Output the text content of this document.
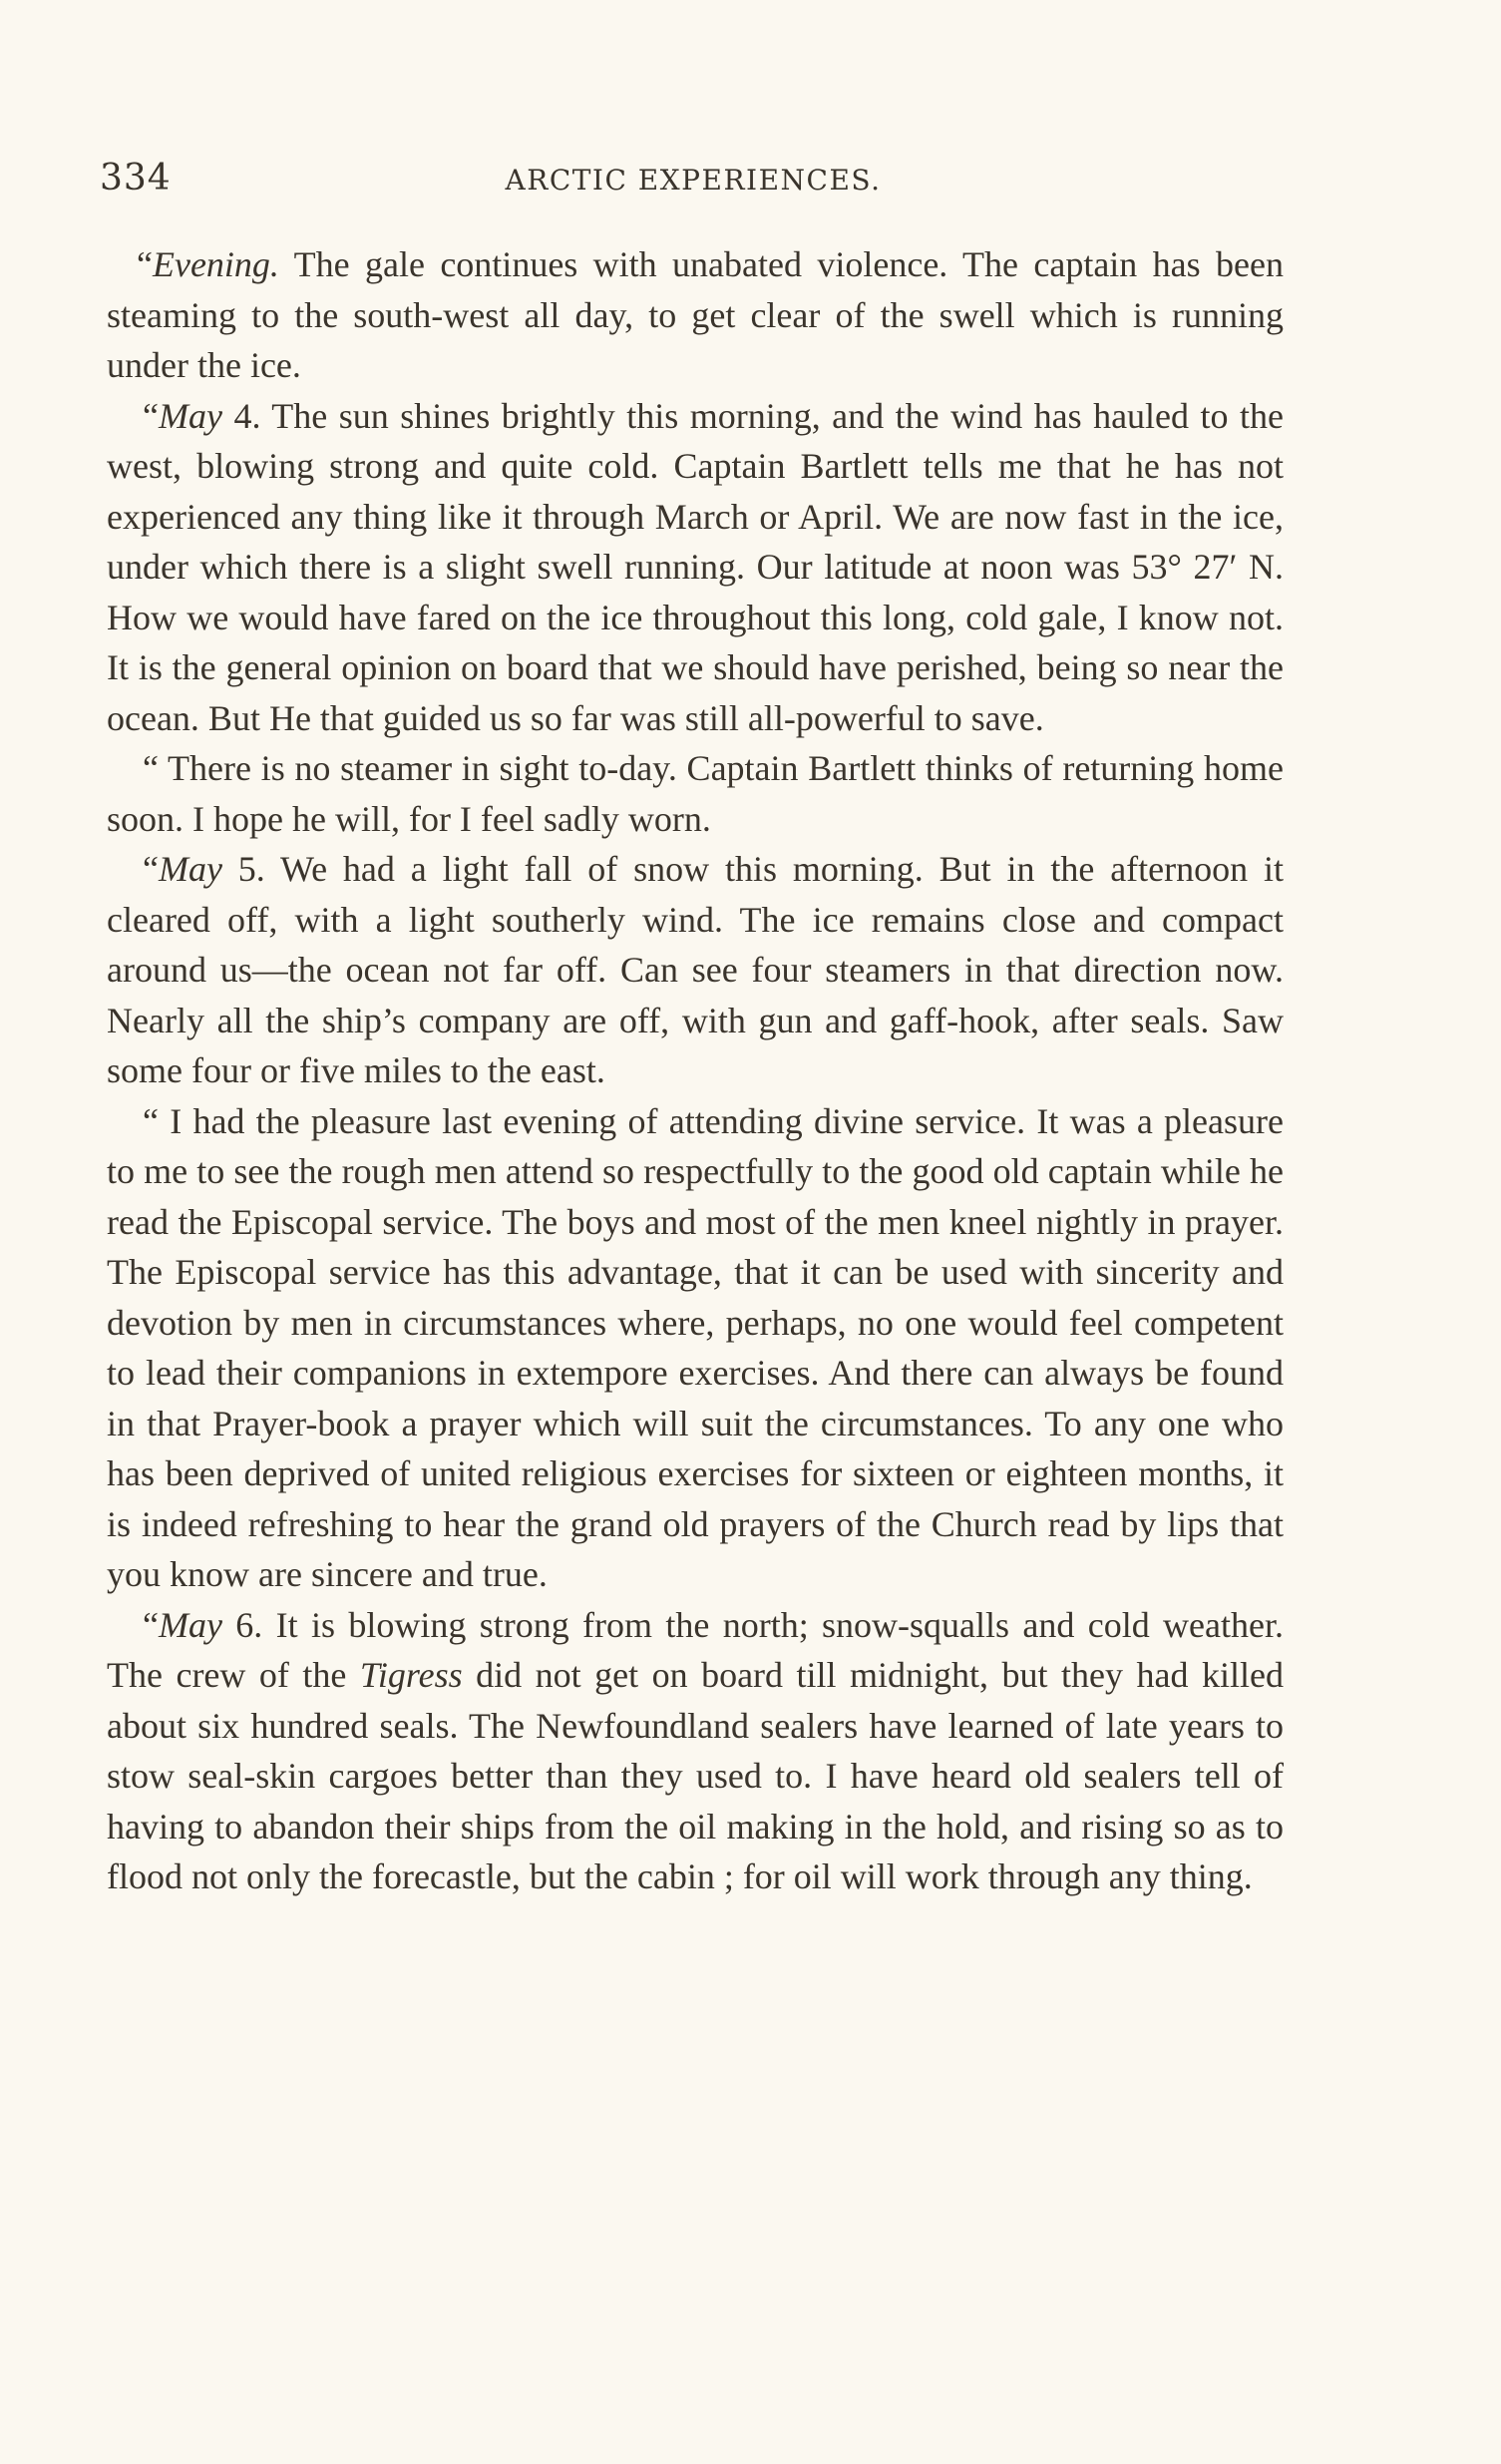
334	ARCTIC EXPERIENCES.

“Evening. The gale continues with unabated violence. The captain has been steaming to the south-west all day, to get clear of the swell which is running under the ice.

“May 4. The sun shines brightly this morning, and the wind has hauled to the west, blowing strong and quite cold. Captain Bartlett tells me that he has not experienced any thing like it through March or April. We are now fast in the ice, under which there is a slight swell running. Our latitude at noon was 53° 27′ N. How we would have fared on the ice throughout this long, cold gale, I know not. It is the general opinion on board that we should have perished, being so near the ocean. But He that guided us so far was still all-powerful to save.

“ There is no steamer in sight to-day. Captain Bartlett thinks of returning home soon. I hope he will, for I feel sadly worn.

“May 5. We had a light fall of snow this morning. But in the afternoon it cleared off, with a light southerly wind. The ice remains close and compact around us—the ocean not far off. Can see four steamers in that direction now. Nearly all the ship’s company are off, with gun and gaff-hook, after seals. Saw some four or five miles to the east.

“ I had the pleasure last evening of attending divine service. It was a pleasure to me to see the rough men attend so respectfully to the good old captain while he read the Episcopal service. The boys and most of the men kneel nightly in prayer. The Episcopal service has this advantage, that it can be used with sincerity and devotion by men in circumstances where, perhaps, no one would feel competent to lead their companions in extempore exercises. And there can always be found in that Prayer-book a prayer which will suit the circumstances. To any one who has been deprived of united religious exercises for sixteen or eighteen months, it is indeed refreshing to hear the grand old prayers of the Church read by lips that you know are sincere and true.

“May 6. It is blowing strong from the north; snow-squalls and cold weather. The crew of the Tigress did not get on board till midnight, but they had killed about six hundred seals. The Newfoundland sealers have learned of late years to stow seal-skin cargoes better than they used to. I have heard old sealers tell of having to abandon their ships from the oil making in the hold, and rising so as to flood not only the forecastle, but the cabin ; for oil will work through any thing.
